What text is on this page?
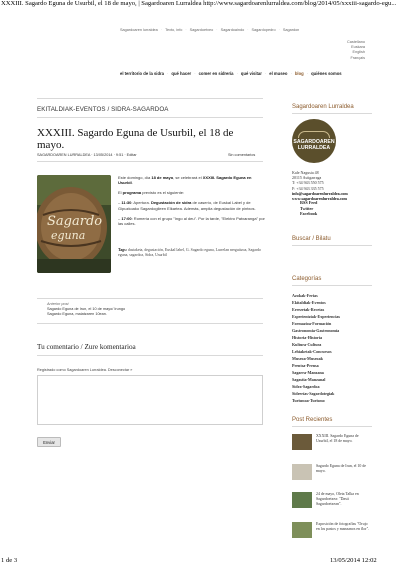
XXXIII. Sagardo Eguna de Usurbil, el 18 de mayo, | Sagardoaren Lurraldea http://www.sagardoarenlurraldea.com/blog/2014/05/xxxiii-sagardo-egu...
Sagardoaren lurraldea · Texto, info · Sagardoetxeo · Sagardoaindo · Sagardopedro · Sagardon
Castellano
Euskara
English
Français
el territorio de la sidra · qué hacer · comer en sidrería · qué visitar · el museo · blog · quiénes somos
EKITALDIAK-EVENTOS / SIDRA-SAGARDOA
XXXIII. Sagardo Eguna de Usurbil, el 18 de mayo.
SAGARDOAREN LURRALDEA · 13/05/2014 · 9:51 · Editar	Sin comentarios
Sagardo
eguna

Este domingo, día 18 de mayo, se celebrará el XXXIII. Sagardo Eguna en Usurbil.

El programa previsto es el siguiente:

– 11:30: Apertura. Degustación de sidra de caserío, de Euskal Label y de Gipuzkoako Sagardogileen Elkartea. Además, amplia degustación de pintxos.

– 17:00: Romería con el grupo "Ingo al deu". Por la tarde, "Elektro Patxaranga" por las calles.

Tags: dastaketa, degustación, Euskal label, G. Sagardo eguna, Lurrelan nerguitzoa, Sagardo eguna, sagardoa, Sidra, Usurbil
Anterior post
Sagardo Eguna de Irun, el 10 de mayo/ Irungo
Sagardo Eguna, maiatzaren 10ean.
Tu comentario / Zure komentarioa
Registrado como Sagardoaren Lurraldea. Desconectar »
Enviar
Sagardoaren Lurraldea
SAGARDOAREN
LURRALDEA
Kale Nagusia 48
20115 Astigarraga
T: +34 943 550 575
F: +34 943 335 575
info@sagardoarenlurraldea.com
www.sagardoarenlurraldea.com
RSS Feed
Twitter
Facebook
Buscar / Bilatu
Categorías
Azokak-Ferias
Ekitaldiak-Eventos
Errezetak-Recetas
Esperientziak-Experiencias
Formazioa-Formación
Gastronomia-Gastronomía
Historia-Historia
Kultura-Cultura
Lehiaketak-Concursos
Museoa-Museoak
Prentsa-Prensa
Sagarra-Manzana
Sagastia-Manzanal
Sidra-Sagardoa
Sidrerías-Sagardotegiak
Turismoa-Turismo
Post Recientes
XXXIII. Sagardo Eguna de Usurbil, el 18 de mayo.
Sagardo Eguna de Irun, el 10 de mayo.
24 de mayo, Oleta Talka en Sagardoetxea: "Dasti Sagardoetxean".
Exposición de fotografías "Orujo en los pastos y manzanos en flor".
1 de 3	13/05/2014 12:02
